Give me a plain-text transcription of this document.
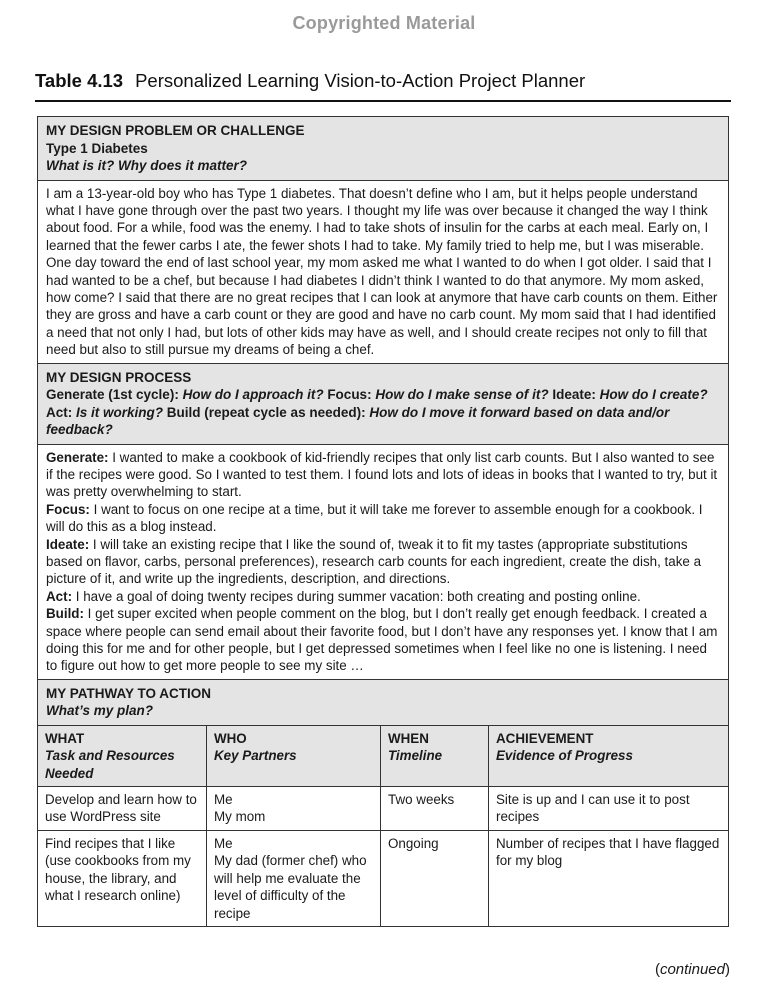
Copyrighted Material
Table 4.13 Personalized Learning Vision-to-Action Project Planner
MY DESIGN PROBLEM OR CHALLENGE
Type 1 Diabetes
What is it? Why does it matter?

I am a 13-year-old boy who has Type 1 diabetes. That doesn’t define who I am, but it helps people understand what I have gone through over the past two years. I thought my life was over because it changed the way I think about food. For a while, food was the enemy. I had to take shots of insulin for the carbs at each meal. Early on, I learned that the fewer carbs I ate, the fewer shots I had to take. My family tried to help me, but I was miserable. One day toward the end of last school year, my mom asked me what I wanted to do when I got older. I said that I had wanted to be a chef, but because I had diabetes I didn’t think I wanted to do that anymore. My mom asked, how come? I said that there are no great recipes that I can look at anymore that have carb counts on them. Either they are gross and have a carb count or they are good and have no carb count. My mom said that I had identified a need that not only I had, but lots of other kids may have as well, and I should create recipes not only to fill that need but also to still pursue my dreams of being a chef.

MY DESIGN PROCESS
Generate (1st cycle): How do I approach it? Focus: How do I make sense of it? Ideate: How do I create? Act: Is it working? Build (repeat cycle as needed): How do I move it forward based on data and/or feedback?

Generate: I wanted to make a cookbook of kid-friendly recipes that only list carb counts. But I also wanted to see if the recipes were good. So I wanted to test them. I found lots and lots of ideas in books that I wanted to try, but it was pretty overwhelming to start.

Focus: I want to focus on one recipe at a time, but it will take me forever to assemble enough for a cookbook. I will do this as a blog instead.

Ideate: I will take an existing recipe that I like the sound of, tweak it to fit my tastes (appropriate substitutions based on flavor, carbs, personal preferences), research carb counts for each ingredient, create the dish, take a picture of it, and write up the ingredients, description, and directions.

Act: I have a goal of doing twenty recipes during summer vacation: both creating and posting online.

Build: I get super excited when people comment on the blog, but I don’t really get enough feedback. I created a space where people can send email about their favorite food, but I don’t have any responses yet. I know that I am doing this for me and for other people, but I get depressed sometimes when I feel like no one is listening. I need to figure out how to get more people to see my site …

MY PATHWAY TO ACTION
What’s my plan?
WHAT
Task and Resources Needed
WHO
Key Partners
WHEN
Timeline
ACHIEVEMENT
Evidence of Progress
Develop and learn how to use WordPress site
Me
My mom
Two weeks	Site is up and I can use it to post recipes
Find recipes that I like (use cookbooks from my house, the library, and what I research online)
Me
My dad (former chef) who will help me evaluate the level of difficulty of the recipe
Ongoing	Number of recipes that I have flagged for my blog
(continued)
